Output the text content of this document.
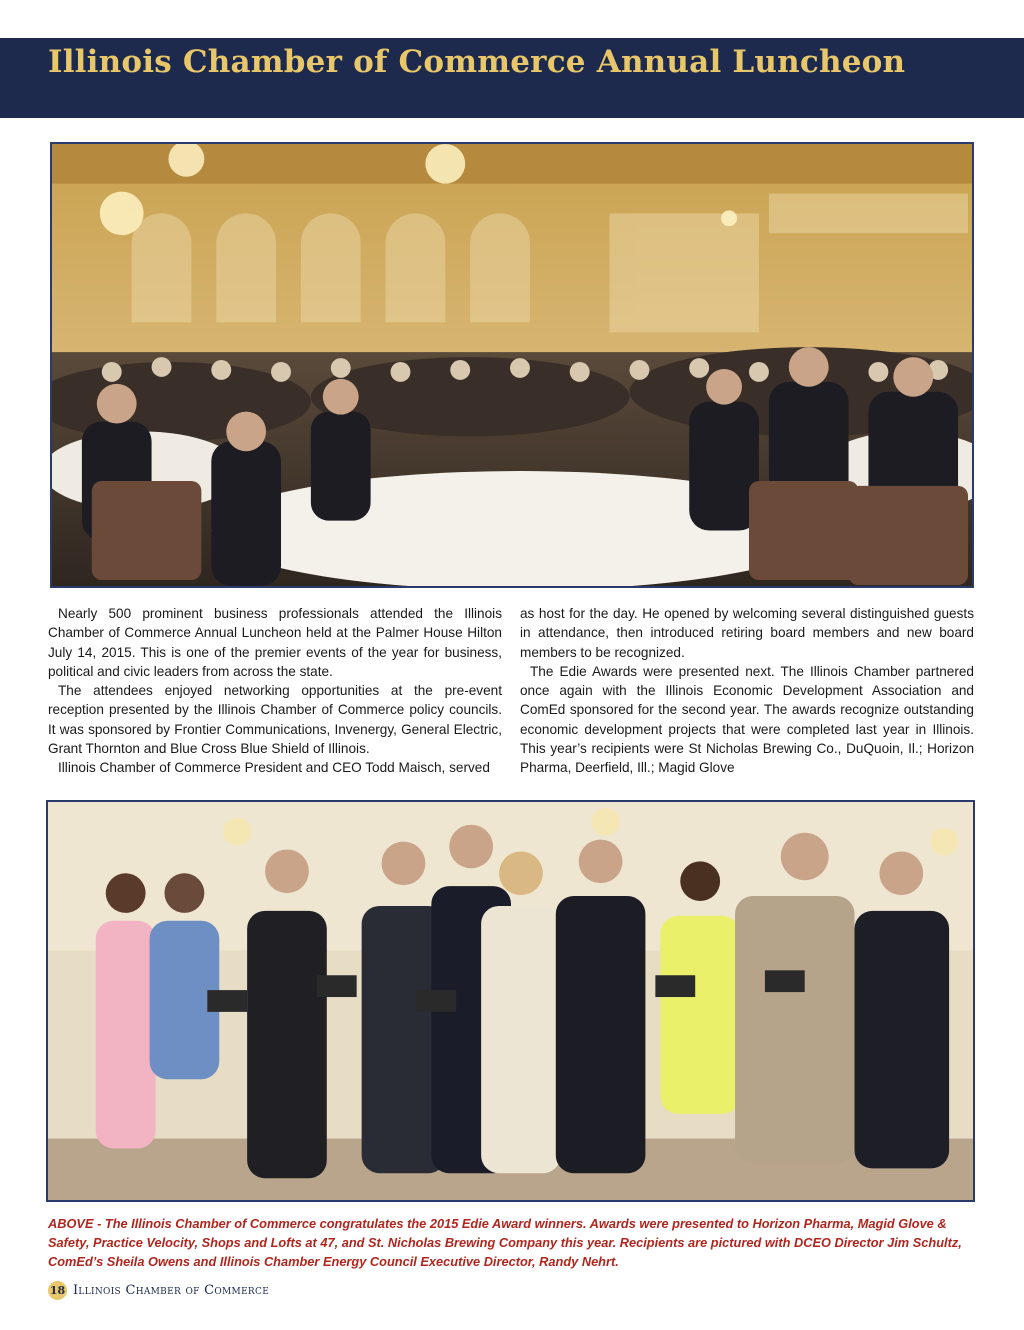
Illinois Chamber of Commerce Annual Luncheon

Nearly 500 prominent business professionals attended the Illinois Chamber of Commerce Annual Luncheon held at the Palmer House Hilton July 14, 2015. This is one of the premier events of the year for business, political and civic leaders from across the state.

The attendees enjoyed networking opportunities at the pre-event reception presented by the Illinois Chamber of Commerce policy councils. It was sponsored by Frontier Communications, Invenergy, General Electric, Grant Thornton and Blue Cross Blue Shield of Illinois.

Illinois Chamber of Commerce President and CEO Todd Maisch, served

as host for the day. He opened by welcoming several distinguished guests in attendance, then introduced retiring board members and new board members to be recognized.

The Edie Awards were presented next. The Illinois Chamber partnered once again with the Illinois Economic Development Association and ComEd sponsored for the second year. The awards recognize outstanding economic development projects that were completed last year in Illinois. This year’s recipients were St Nicholas Brewing Co., DuQuoin, Il.; Horizon Pharma, Deerfield, Ill.; Magid Glove

ABOVE - The Illinois Chamber of Commerce congratulates the 2015 Edie Award winners. Awards were presented to Horizon Pharma, Magid Glove & Safety, Practice Velocity, Shops and Lofts at 47, and St. Nicholas Brewing Company this year. Recipients are pictured with DCEO Director Jim Schultz, ComEd’s Sheila Owens and Illinois Chamber Energy Council Executive Director, Randy Nehrt.
18 Illinois Chamber of Commerce
